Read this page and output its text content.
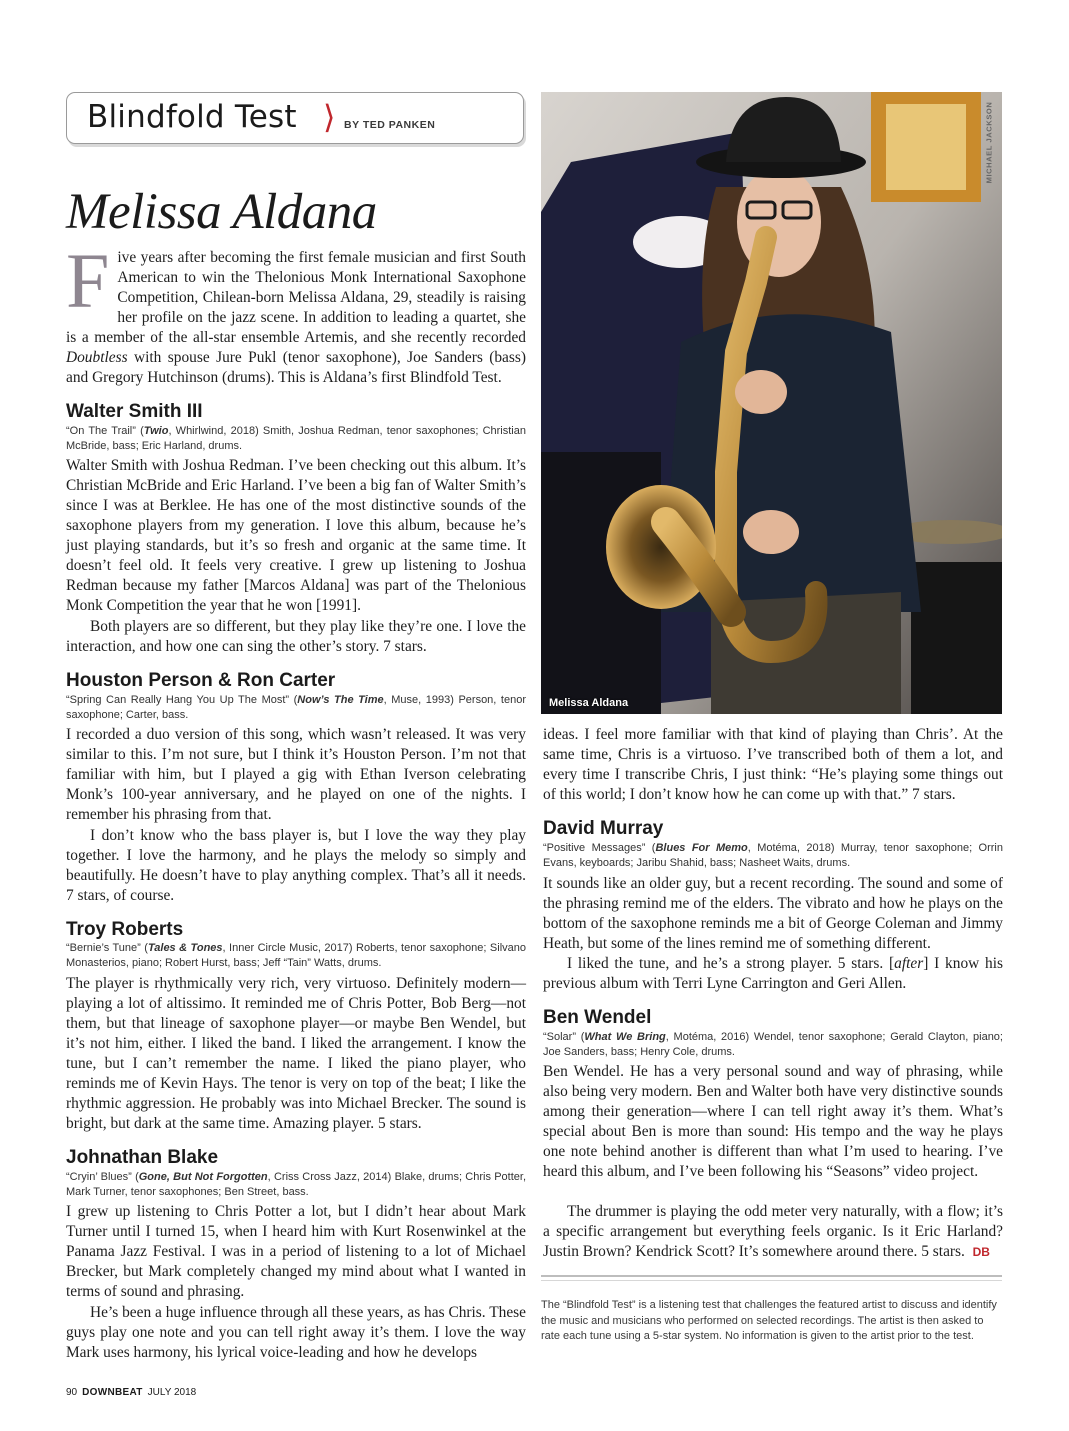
Blindfold Test ⟩ BY TED PANKEN
Melissa Aldana

Five years after becoming the first female musician and first South American to win the Thelonious Monk International Saxophone Competition, Chilean-born Melissa Aldana, 29, steadily is raising her profile on the jazz scene. In addition to leading a quartet, she is a member of the all-star ensemble Artemis, and she recently recorded Doubtless with spouse Jure Pukl (tenor saxophone), Joe Sanders (bass) and Gregory Hutchinson (drums). This is Aldana’s first Blindfold Test.

Walter Smith III

“On The Trail” (Twio, Whirlwind, 2018) Smith, Joshua Redman, tenor saxophones; Christian McBride, bass; Eric Harland, drums.

Walter Smith with Joshua Redman. I’ve been checking out this album. It’s Christian McBride and Eric Harland. I’ve been a big fan of Walter Smith’s since I was at Berklee. He has one of the most distinctive sounds of the saxophone players from my generation. I love this album, because he’s just playing standards, but it’s so fresh and organic at the same time. It doesn’t feel old. It feels very creative. I grew up listening to Joshua Redman because my father [Marcos Aldana] was part of the Thelonious Monk Competition the year that he won [1991].

Both players are so different, but they play like they’re one. I love the interaction, and how one can sing the other’s story. 7 stars.

Houston Person & Ron Carter

“Spring Can Really Hang You Up The Most” (Now’s The Time, Muse, 1993) Person, tenor saxophone; Carter, bass.

I recorded a duo version of this song, which wasn’t released. It was very similar to this. I’m not sure, but I think it’s Houston Person. I’m not that familiar with him, but I played a gig with Ethan Iverson celebrating Monk’s 100-year anniversary, and he played on one of the nights. I remember his phrasing from that.

I don’t know who the bass player is, but I love the way they play together. I love the harmony, and he plays the melody so simply and beautifully. He doesn’t have to play anything complex. That’s all it needs. 7 stars, of course.

Troy Roberts

“Bernie’s Tune” (Tales & Tones, Inner Circle Music, 2017) Roberts, tenor saxophone; Silvano Monasterios, piano; Robert Hurst, bass; Jeff “Tain” Watts, drums.

The player is rhythmically very rich, very virtuoso. Definitely modern—playing a lot of altissimo. It reminded me of Chris Potter, Bob Berg—not them, but that lineage of saxophone player—or maybe Ben Wendel, but it’s not him, either. I liked the band. I liked the arrangement. I know the tune, but I can’t remember the name. I liked the piano player, who reminds me of Kevin Hays. The tenor is very on top of the beat; I like the rhythmic aggression. He probably was into Michael Brecker. The sound is bright, but dark at the same time. Amazing player. 5 stars.

Johnathan Blake

“Cryin’ Blues” (Gone, But Not Forgotten, Criss Cross Jazz, 2014) Blake, drums; Chris Potter, Mark Turner, tenor saxophones; Ben Street, bass.

I grew up listening to Chris Potter a lot, but I didn’t hear about Mark Turner until I turned 15, when I heard him with Kurt Rosenwinkel at the Panama Jazz Festival. I was in a period of listening to a lot of Michael Brecker, but Mark completely changed my mind about what I wanted in terms of sound and phrasing.

He’s been a huge influence through all these years, as has Chris. These guys play one note and you can tell right away it’s them. I love the way Mark uses harmony, his lyrical voice-leading and how he develops

MICHAEL JACKSON
Melissa Aldana

ideas. I feel more familiar with that kind of playing than Chris’. At the same time, Chris is a virtuoso. I’ve transcribed both of them a lot, and every time I transcribe Chris, I just think: “He’s playing some things out of this world; I don’t know how he can come up with that.” 7 stars.

David Murray

“Positive Messages” (Blues For Memo, Motéma, 2018) Murray, tenor saxophone; Orrin Evans, keyboards; Jaribu Shahid, bass; Nasheet Waits, drums.

It sounds like an older guy, but a recent recording. The sound and some of the phrasing remind me of the elders. The vibrato and how he plays on the bottom of the saxophone reminds me a bit of George Coleman and Jimmy Heath, but some of the lines remind me of something different.

I liked the tune, and he’s a strong player. 5 stars. [after] I know his previous album with Terri Lyne Carrington and Geri Allen.

Ben Wendel

“Solar” (What We Bring, Motéma, 2016) Wendel, tenor saxophone; Gerald Clayton, piano; Joe Sanders, bass; Henry Cole, drums.

Ben Wendel. He has a very personal sound and way of phrasing, while also being very modern. Ben and Walter both have very distinctive sounds among their generation—where I can tell right away it’s them. What’s special about Ben is more than sound: His tempo and the way he plays one note behind another is different than what I’m used to hearing. I’ve heard this album, and I’ve been following his “Seasons” video project.

The drummer is playing the odd meter very naturally, with a flow; it’s a specific arrangement but everything feels organic. Is it Eric Harland? Justin Brown? Kendrick Scott? It’s somewhere around there. 5 stars. DB

The “Blindfold Test” is a listening test that challenges the featured artist to discuss and identify the music and musicians who performed on selected recordings. The artist is then asked to rate each tune using a 5-star system. No information is given to the artist prior to the test.

90 DOWNBEAT JULY 2018
